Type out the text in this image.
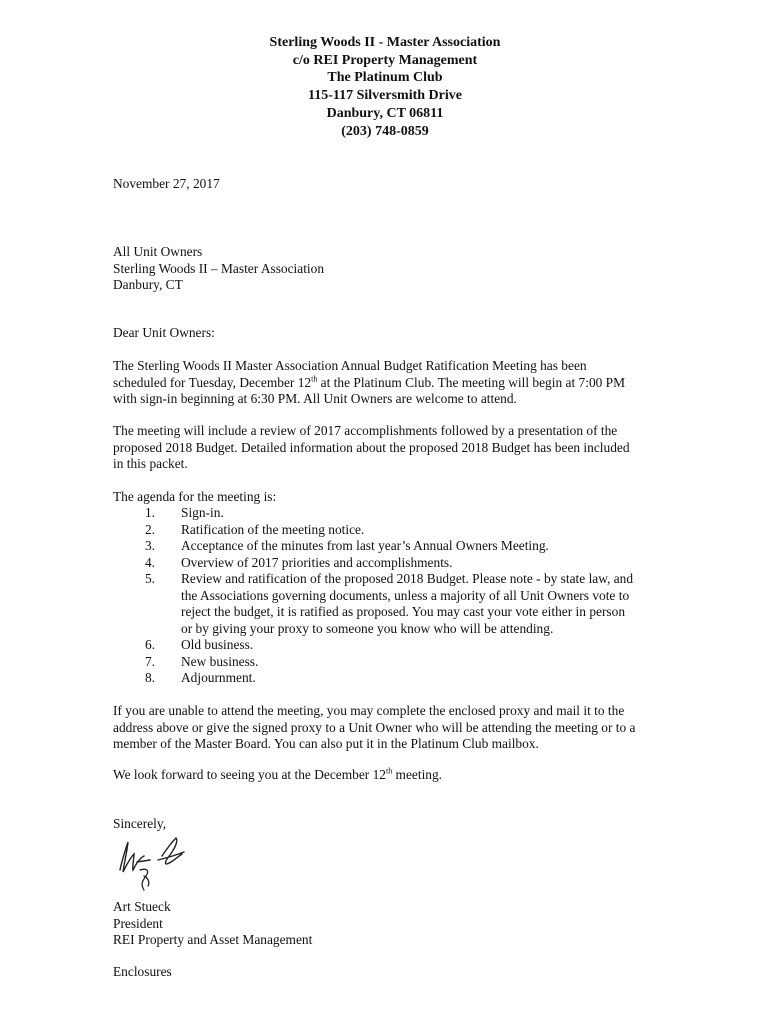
Sterling Woods II - Master Association
c/o REI Property Management
The Platinum Club
115-117 Silversmith Drive
Danbury, CT 06811
(203) 748-0859
November 27, 2017
All Unit Owners
Sterling Woods II – Master Association
Danbury, CT
Dear Unit Owners:
The Sterling Woods II Master Association Annual Budget Ratification Meeting has been
scheduled for Tuesday, December 12th at the Platinum Club. The meeting will begin at 7:00 PM
with sign-in beginning at 6:30 PM. All Unit Owners are welcome to attend.
The meeting will include a review of 2017 accomplishments followed by a presentation of the
proposed 2018 Budget. Detailed information about the proposed 2018 Budget has been included
in this packet.
The agenda for the meeting is:
1. Sign-in.
2. Ratification of the meeting notice.
3. Acceptance of the minutes from last year’s Annual Owners Meeting.
4. Overview of 2017 priorities and accomplishments.
5. Review and ratification of the proposed 2018 Budget. Please note - by state law, and
the Associations governing documents, unless a majority of all Unit Owners vote to
reject the budget, it is ratified as proposed. You may cast your vote either in person
or by giving your proxy to someone you know who will be attending.
6. Old business.
7. New business.
8. Adjournment.
If you are unable to attend the meeting, you may complete the enclosed proxy and mail it to the
address above or give the signed proxy to a Unit Owner who will be attending the meeting or to a
member of the Master Board. You can also put it in the Platinum Club mailbox.
We look forward to seeing you at the December 12th meeting.
Sincerely,
Art Stueck
President
REI Property and Asset Management
Enclosures
